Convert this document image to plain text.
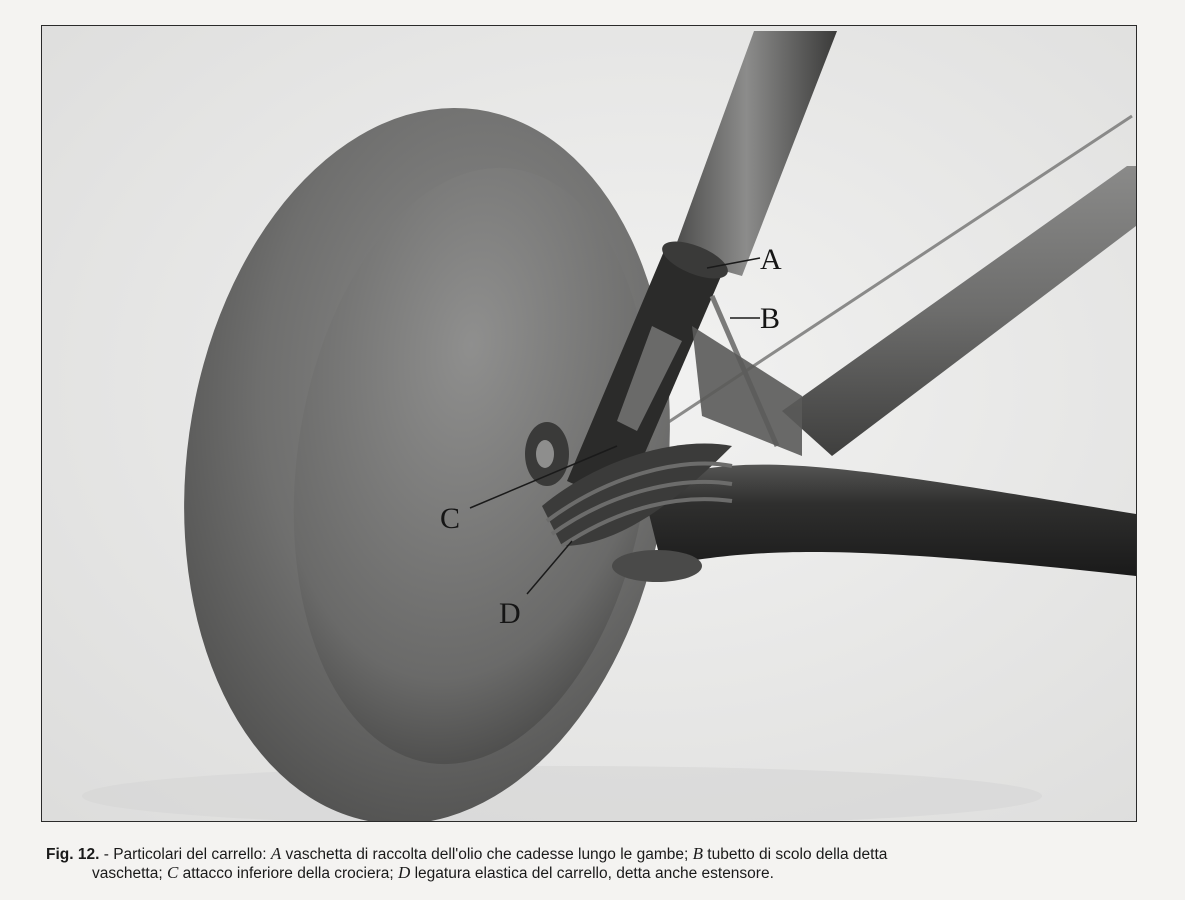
A
B
C
D
Fig. 12. - Particolari del carrello: A vaschetta di raccolta dell'olio che cadesse lungo le gambe; B tubetto di scolo della detta
vaschetta; C attacco inferiore della crociera; D legatura elastica del carrello, detta anche estensore.
